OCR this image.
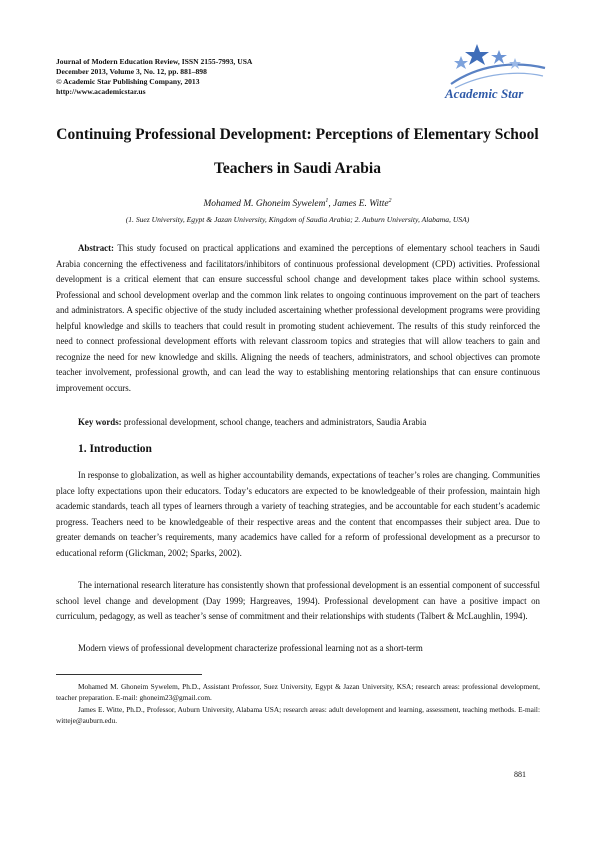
Journal of Modern Education Review, ISSN 2155-7993, USA
December 2013, Volume 3, No. 12, pp. 881–898
© Academic Star Publishing Company, 2013
http://www.academicstar.us	Academic Star
Continuing Professional Development: Perceptions of Elementary School
Teachers in Saudi Arabia
Mohamed M. Ghoneim Sywelem$^1$, James E. Witte$^2$
(1. Suez University, Egypt & Jazan University, Kingdom of Saudia Arabia; 2. Auburn University, Alabama, USA)
Abstract: This study focused on practical applications and examined the perceptions of elementary school teachers in Saudi Arabia concerning the effectiveness and facilitators/inhibitors of continuous professional development (CPD) activities. Professional development is a critical element that can ensure successful school change and development takes place within school systems. Professional and school development overlap and the common link relates to ongoing continuous improvement on the part of teachers and administrators. A specific objective of the study included ascertaining whether professional development programs were providing helpful knowledge and skills to teachers that could result in promoting student achievement. The results of this study reinforced the need to connect professional development efforts with relevant classroom topics and strategies that will allow teachers to gain and recognize the need for new knowledge and skills. Aligning the needs of teachers, administrators, and school objectives can promote teacher involvement, professional growth, and can lead the way to establishing mentoring relationships that can ensure continuous improvement occurs.
Key words: professional development, school change, teachers and administrators, Saudia Arabia
1. Introduction
In response to globalization, as well as higher accountability demands, expectations of teacher’s roles are changing. Communities place lofty expectations upon their educators. Today’s educators are expected to be knowledgeable of their profession, maintain high academic standards, teach all types of learners through a variety of teaching strategies, and be accountable for each student’s academic progress. Teachers need to be knowledgeable of their respective areas and the content that encompasses their subject area. Due to greater demands on teacher’s requirements, many academics have called for a reform of professional development as a precursor to educational reform (Glickman, 2002; Sparks, 2002).
The international research literature has consistently shown that professional development is an essential component of successful school level change and development (Day 1999; Hargreaves, 1994). Professional development can have a positive impact on curriculum, pedagogy, as well as teacher’s sense of commitment and their relationships with students (Talbert & McLaughlin, 1994).
Modern views of professional development characterize professional learning not as a short-term
Mohamed M. Ghoneim Sywelem, Ph.D., Assistant Professor, Suez University, Egypt & Jazan University, KSA; research areas: professional development, teacher preparation. E-mail: ghoneim23@gmail.com.
James E. Witte, Ph.D., Professor, Auburn University, Alabama USA; research areas: adult development and learning, assessment, teaching methods. E-mail: witteje@auburn.edu.
881
